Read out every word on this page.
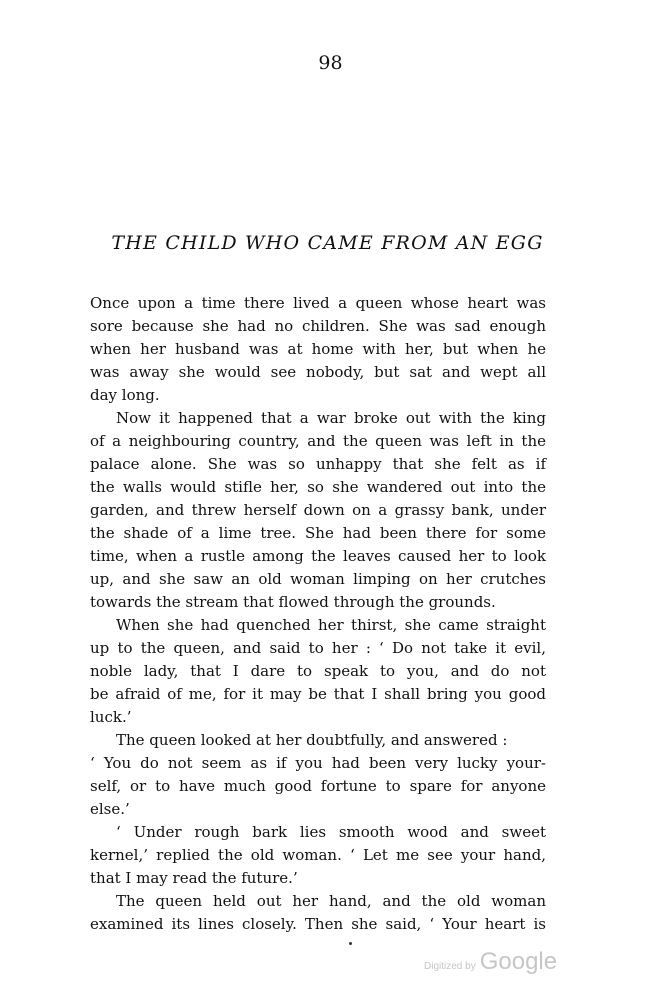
98
THE CHILD WHO CAME FROM AN EGG
Once upon a time there lived a queen whose heart was
sore because she had no children. She was sad enough
when her husband was at home with her, but when he
was away she would see nobody, but sat and wept all
day long.
Now it happened that a war broke out with the king
of a neighbouring country, and the queen was left in the
palace alone. She was so unhappy that she felt as if
the walls would stifle her, so she wandered out into the
garden, and threw herself down on a grassy bank, under
the shade of a lime tree. She had been there for some
time, when a rustle among the leaves caused her to look
up, and she saw an old woman limping on her crutches
towards the stream that flowed through the grounds.
When she had quenched her thirst, she came straight
up to the queen, and said to her : ‘ Do not take it evil,
noble lady, that I dare to speak to you, and do not
be afraid of me, for it may be that I shall bring you good
luck.’
The queen looked at her doubtfully, and answered :
‘ You do not seem as if you had been very lucky your-
self, or to have much good fortune to spare for anyone
else.’
‘ Under rough bark lies smooth wood and sweet
kernel,’ replied the old woman. ‘ Let me see your hand,
that I may read the future.’
The queen held out her hand, and the old woman
examined its lines closely. Then she said, ‘ Your heart is
Digitized by Google
